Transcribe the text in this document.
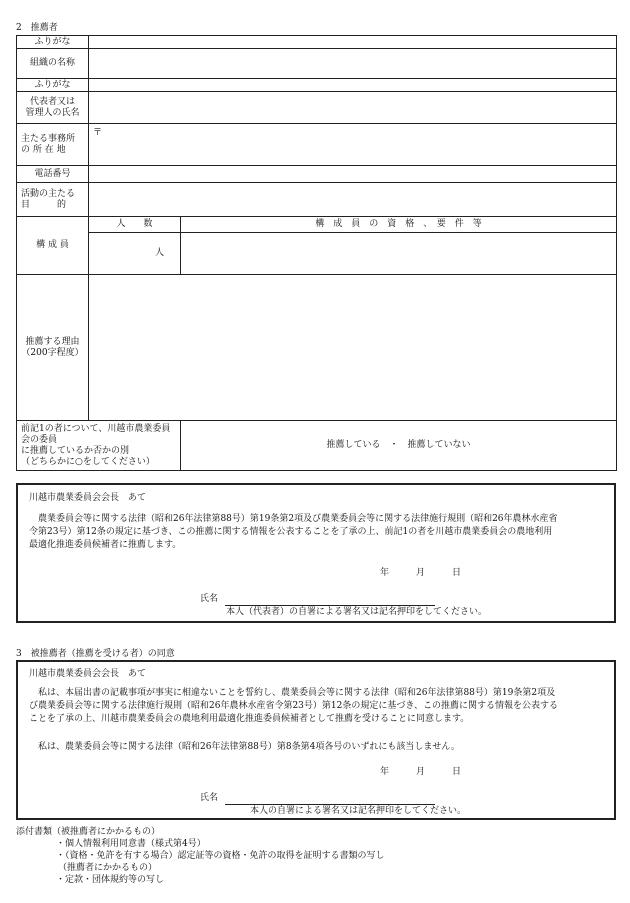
2　推薦者
ふりがな		
組織の名称		
ふりがな		
代表者又は
管理人の氏名		
主たる事務所
の 所 在 地	〒	
電話番号		
活動の主たる
目　　　的		
構 成 員	人　　数	構　成　員　の　資　格　、　要　件　等
	人	
推薦する理由
（200字程度）		
前記1の者について、川越市農業委員会の委員
に推薦しているか否かの別
（どちらかに○をしてください）		推薦している　・　推薦していない
川越市農業委員会会長　あて
　農業委員会等に関する法律（昭和26年法律第88号）第19条第2項及び農業委員会等に関する法律施行規則（昭和26年農林水産省令第23号）第12条の規定に基づき、この推薦に関する情報を公表することを了承の上、前記1の者を川越市農業委員会の農地利用最適化推進委員候補者に推薦します。
年　　　月　　　日
氏名
本人（代表者）の自署による署名又は記名押印をしてください。
3　被推薦者（推薦を受ける者）の同意
川越市農業委員会会長　あて
　私は、本届出書の記載事項が事実に相違ないことを誓約し、農業委員会等に関する法律（昭和26年法律第88号）第19条第2項及び農業委員会等に関する法律施行規則（昭和26年農林水産省令第23号）第12条の規定に基づき、この推薦に関する情報を公表することを了承の上、川越市農業委員会の農地利用最適化推進委員候補者として推薦を受けることに同意します。
　私は、農業委員会等に関する法律（昭和26年法律第88号）第8条第4項各号のいずれにも該当しません。
年　　　月　　　日
氏名
本人の自署による署名又は記名押印をしてください。
添付書類（被推薦者にかかるもの）
・個人情報利用同意書（様式第4号）
・（資格・免許を有する場合）認定証等の資格・免許の取得を証明する書類の写し
（推薦者にかかるもの）
・定款・団体規約等の写し
